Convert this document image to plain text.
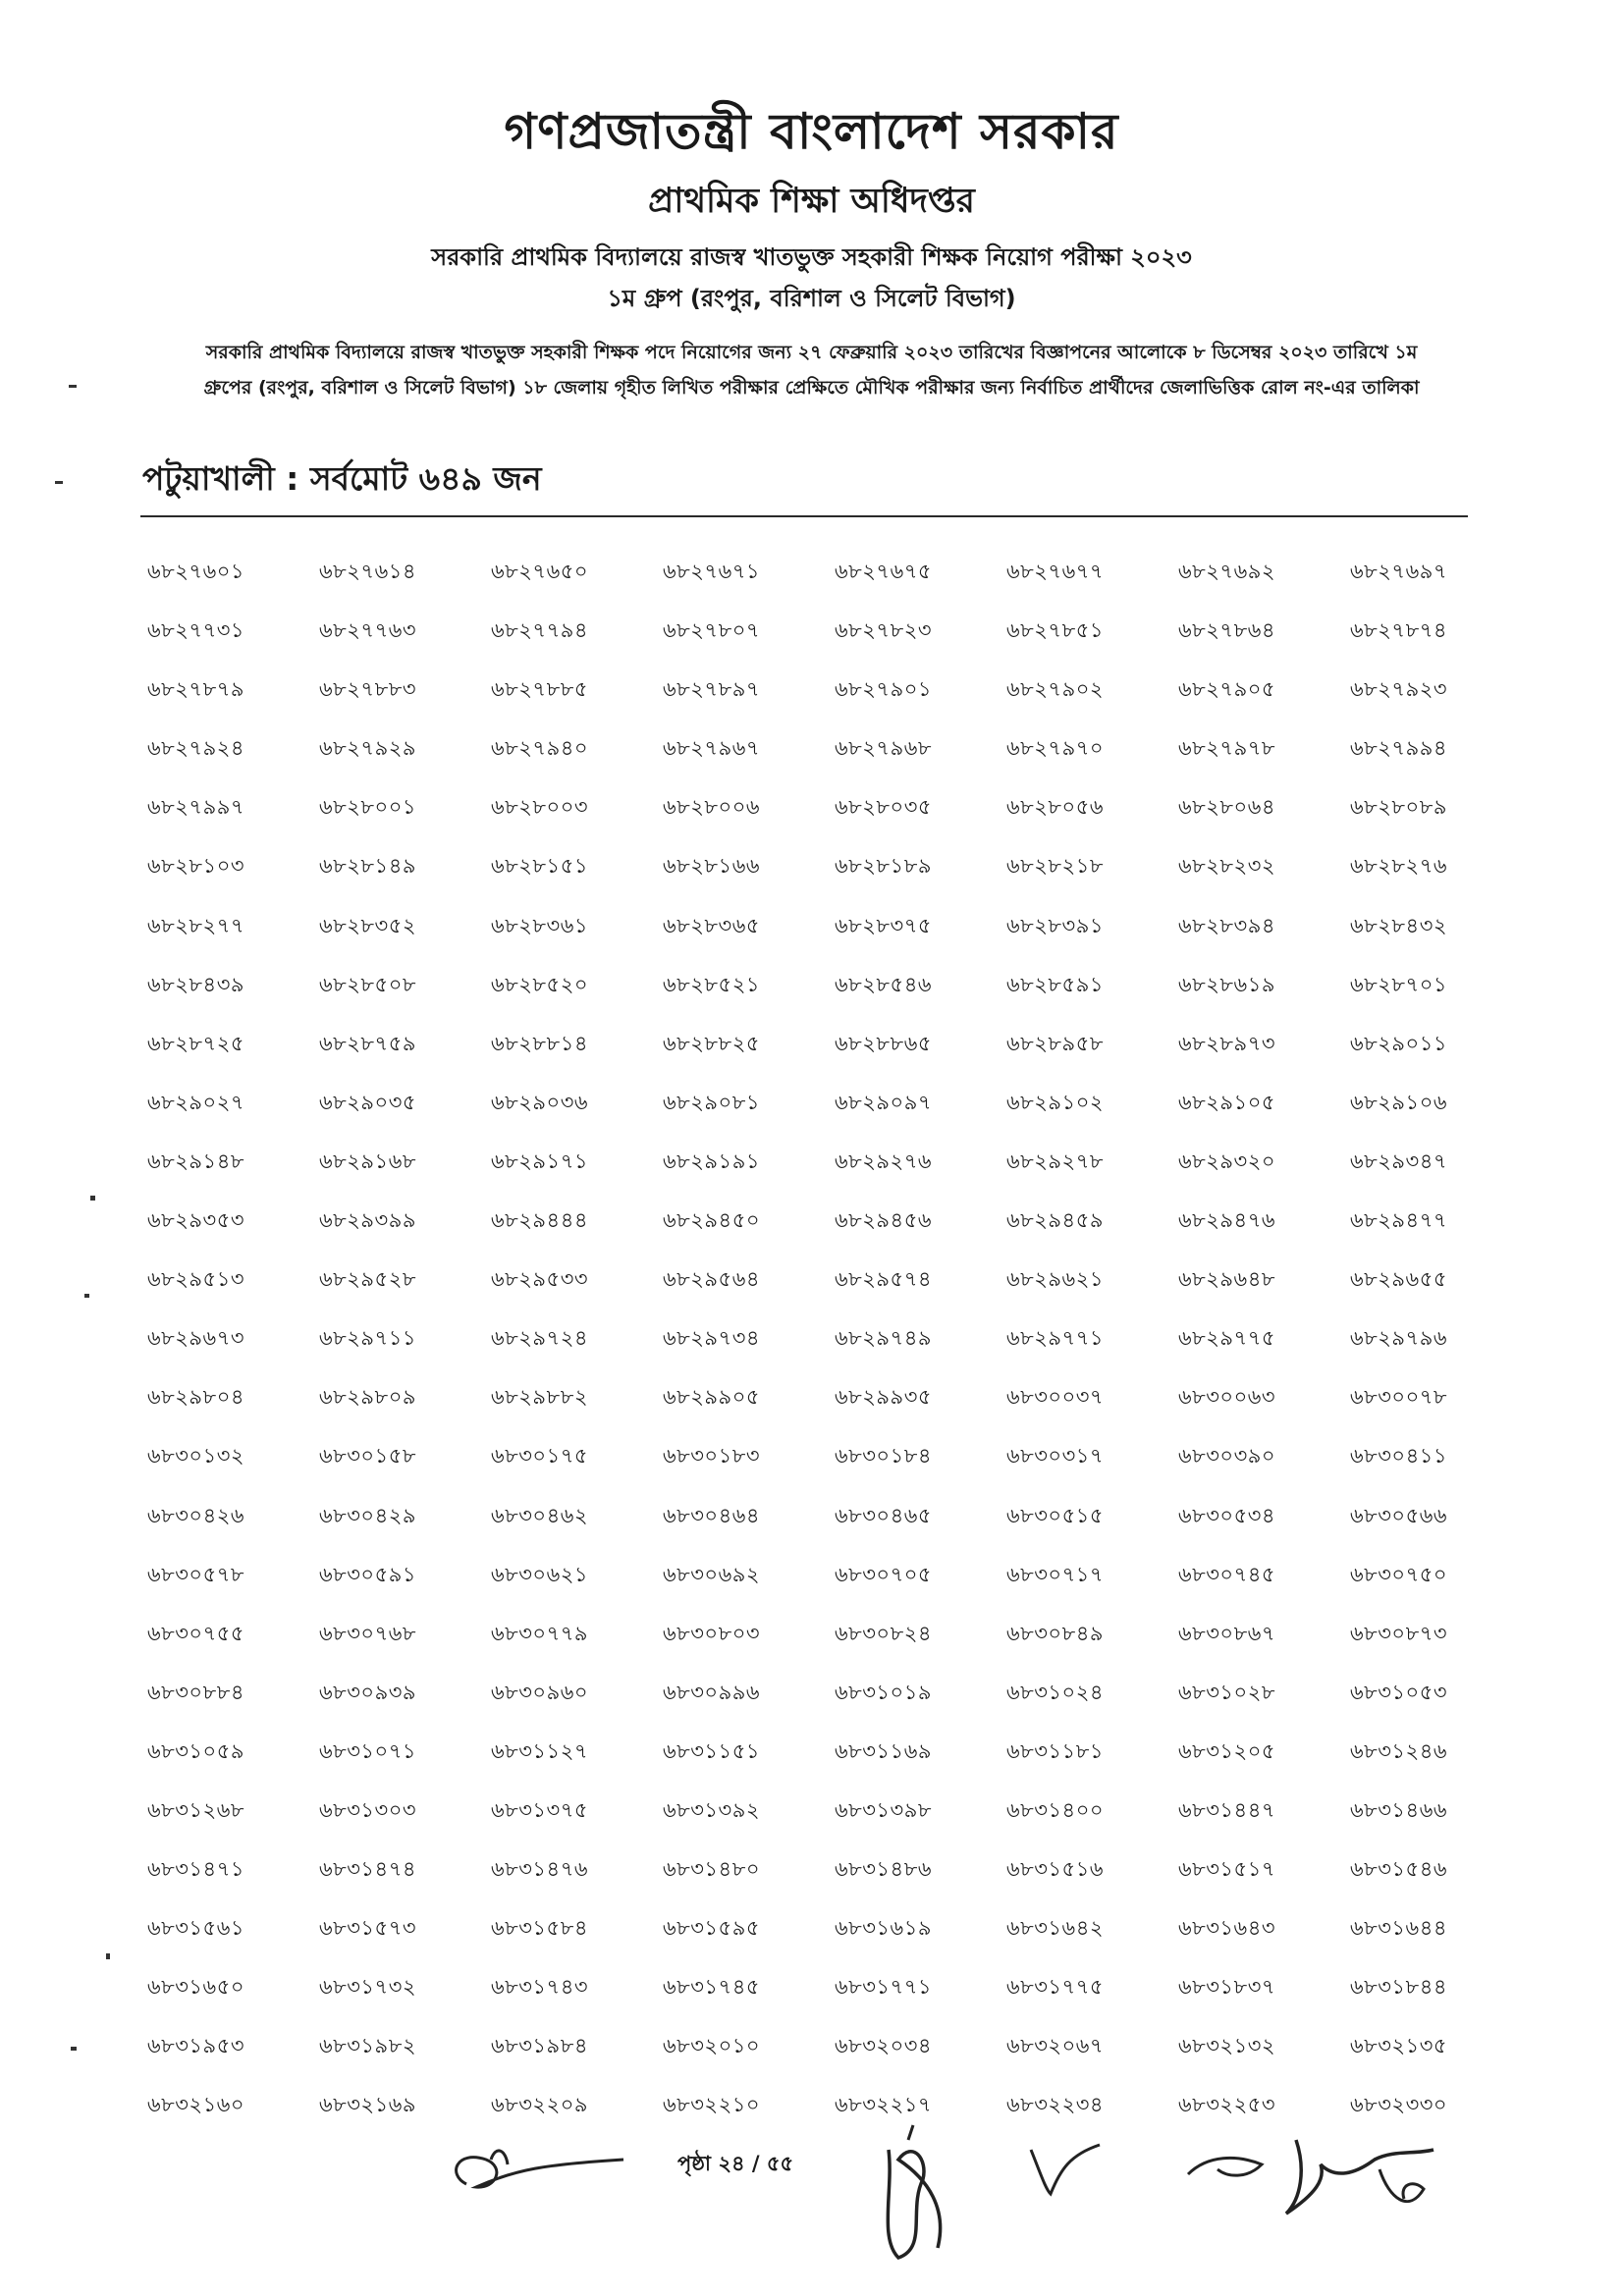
গণপ্রজাতন্ত্রী বাংলাদেশ সরকার
প্রাথমিক শিক্ষা অধিদপ্তর
সরকারি প্রাথমিক বিদ্যালয়ে রাজস্ব খাতভুক্ত সহকারী শিক্ষক নিয়োগ পরীক্ষা ২০২৩
১ম গ্রুপ (রংপুর, বরিশাল ও সিলেট বিভাগ)
সরকারি প্রাথমিক বিদ্যালয়ে রাজস্ব খাতভুক্ত সহকারী শিক্ষক পদে নিয়োগের জন্য ২৭ ফেব্রুয়ারি ২০২৩ তারিখের বিজ্ঞাপনের আলোকে ৮ ডিসেম্বর ২০২৩ তারিখে ১ম গ্রুপের (রংপুর, বরিশাল ও সিলেট বিভাগ) ১৮ জেলায় গৃহীত লিখিত পরীক্ষার প্রেক্ষিতে মৌখিক পরীক্ষার জন্য নির্বাচিত প্রার্থীদের জেলাভিত্তিক রোল নং-এর তালিকা
পটুয়াখালী : সর্বমোট ৬৪৯ জন
৬৮২৭৬০১	৬৮২৭৬১৪	৬৮২৭৬৫০	৬৮২৭৬৭১	৬৮২৭৬৭৫	৬৮২৭৬৭৭	৬৮২৭৬৯২	৬৮২৭৬৯৭
৬৮২৭৭৩১	৬৮২৭৭৬৩	৬৮২৭৭৯৪	৬৮২৭৮০৭	৬৮২৭৮২৩	৬৮২৭৮৫১	৬৮২৭৮৬৪	৬৮২৭৮৭৪
৬৮২৭৮৭৯	৬৮২৭৮৮৩	৬৮২৭৮৮৫	৬৮২৭৮৯৭	৬৮২৭৯০১	৬৮২৭৯০২	৬৮২৭৯০৫	৬৮২৭৯২৩
৬৮২৭৯২৪	৬৮২৭৯২৯	৬৮২৭৯৪০	৬৮২৭৯৬৭	৬৮২৭৯৬৮	৬৮২৭৯৭০	৬৮২৭৯৭৮	৬৮২৭৯৯৪
৬৮২৭৯৯৭	৬৮২৮০০১	৬৮২৮০০৩	৬৮২৮০০৬	৬৮২৮০৩৫	৬৮২৮০৫৬	৬৮২৮০৬৪	৬৮২৮০৮৯
৬৮২৮১০৩	৬৮২৮১৪৯	৬৮২৮১৫১	৬৮২৮১৬৬	৬৮২৮১৮৯	৬৮২৮২১৮	৬৮২৮২৩২	৬৮২৮২৭৬
৬৮২৮২৭৭	৬৮২৮৩৫২	৬৮২৮৩৬১	৬৮২৮৩৬৫	৬৮২৮৩৭৫	৬৮২৮৩৯১	৬৮২৮৩৯৪	৬৮২৮৪৩২
৬৮২৮৪৩৯	৬৮২৮৫০৮	৬৮২৮৫২০	৬৮২৮৫২১	৬৮২৮৫৪৬	৬৮২৮৫৯১	৬৮২৮৬১৯	৬৮২৮৭০১
৬৮২৮৭২৫	৬৮২৮৭৫৯	৬৮২৮৮১৪	৬৮২৮৮২৫	৬৮২৮৮৬৫	৬৮২৮৯৫৮	৬৮২৮৯৭৩	৬৮২৯০১১
৬৮২৯০২৭	৬৮২৯০৩৫	৬৮২৯০৩৬	৬৮২৯০৮১	৬৮২৯০৯৭	৬৮২৯১০২	৬৮২৯১০৫	৬৮২৯১০৬
৬৮২৯১৪৮	৬৮২৯১৬৮	৬৮২৯১৭১	৬৮২৯১৯১	৬৮২৯২৭৬	৬৮২৯২৭৮	৬৮২৯৩২০	৬৮২৯৩৪৭
৬৮২৯৩৫৩	৬৮২৯৩৯৯	৬৮২৯৪৪৪	৬৮২৯৪৫০	৬৮২৯৪৫৬	৬৮২৯৪৫৯	৬৮২৯৪৭৬	৬৮২৯৪৭৭
৬৮২৯৫১৩	৬৮২৯৫২৮	৬৮২৯৫৩৩	৬৮২৯৫৬৪	৬৮২৯৫৭৪	৬৮২৯৬২১	৬৮২৯৬৪৮	৬৮২৯৬৫৫
৬৮২৯৬৭৩	৬৮২৯৭১১	৬৮২৯৭২৪	৬৮২৯৭৩৪	৬৮২৯৭৪৯	৬৮২৯৭৭১	৬৮২৯৭৭৫	৬৮২৯৭৯৬
৬৮২৯৮০৪	৬৮২৯৮০৯	৬৮২৯৮৮২	৬৮২৯৯০৫	৬৮২৯৯৩৫	৬৮৩০০৩৭	৬৮৩০০৬৩	৬৮৩০০৭৮
৬৮৩০১৩২	৬৮৩০১৫৮	৬৮৩০১৭৫	৬৮৩০১৮৩	৬৮৩০১৮৪	৬৮৩০৩১৭	৬৮৩০৩৯০	৬৮৩০৪১১
৬৮৩০৪২৬	৬৮৩০৪২৯	৬৮৩০৪৬২	৬৮৩০৪৬৪	৬৮৩০৪৬৫	৬৮৩০৫১৫	৬৮৩০৫৩৪	৬৮৩০৫৬৬
৬৮৩০৫৭৮	৬৮৩০৫৯১	৬৮৩০৬২১	৬৮৩০৬৯২	৬৮৩০৭০৫	৬৮৩০৭১৭	৬৮৩০৭৪৫	৬৮৩০৭৫০
৬৮৩০৭৫৫	৬৮৩০৭৬৮	৬৮৩০৭৭৯	৬৮৩০৮০৩	৬৮৩০৮২৪	৬৮৩০৮৪৯	৬৮৩০৮৬৭	৬৮৩০৮৭৩
৬৮৩০৮৮৪	৬৮৩০৯৩৯	৬৮৩০৯৬০	৬৮৩০৯৯৬	৬৮৩১০১৯	৬৮৩১০২৪	৬৮৩১০২৮	৬৮৩১০৫৩
৬৮৩১০৫৯	৬৮৩১০৭১	৬৮৩১১২৭	৬৮৩১১৫১	৬৮৩১১৬৯	৬৮৩১১৮১	৬৮৩১২০৫	৬৮৩১২৪৬
৬৮৩১২৬৮	৬৮৩১৩০৩	৬৮৩১৩৭৫	৬৮৩১৩৯২	৬৮৩১৩৯৮	৬৮৩১৪০০	৬৮৩১৪৪৭	৬৮৩১৪৬৬
৬৮৩১৪৭১	৬৮৩১৪৭৪	৬৮৩১৪৭৬	৬৮৩১৪৮০	৬৮৩১৪৮৬	৬৮৩১৫১৬	৬৮৩১৫১৭	৬৮৩১৫৪৬
৬৮৩১৫৬১	৬৮৩১৫৭৩	৬৮৩১৫৮৪	৬৮৩১৫৯৫	৬৮৩১৬১৯	৬৮৩১৬৪২	৬৮৩১৬৪৩	৬৮৩১৬৪৪
৬৮৩১৬৫০	৬৮৩১৭৩২	৬৮৩১৭৪৩	৬৮৩১৭৪৫	৬৮৩১৭৭১	৬৮৩১৭৭৫	৬৮৩১৮৩৭	৬৮৩১৮৪৪
৬৮৩১৯৫৩	৬৮৩১৯৮২	৬৮৩১৯৮৪	৬৮৩২০১০	৬৮৩২০৩৪	৬৮৩২০৬৭	৬৮৩২১৩২	৬৮৩২১৩৫
৬৮৩২১৬০	৬৮৩২১৬৯	৬৮৩২২০৯	৬৮৩২২১০	৬৮৩২২১৭	৬৮৩২২৩৪	৬৮৩২২৫৩	৬৮৩২৩৩০
পৃষ্ঠা ২৪ / ৫৫
